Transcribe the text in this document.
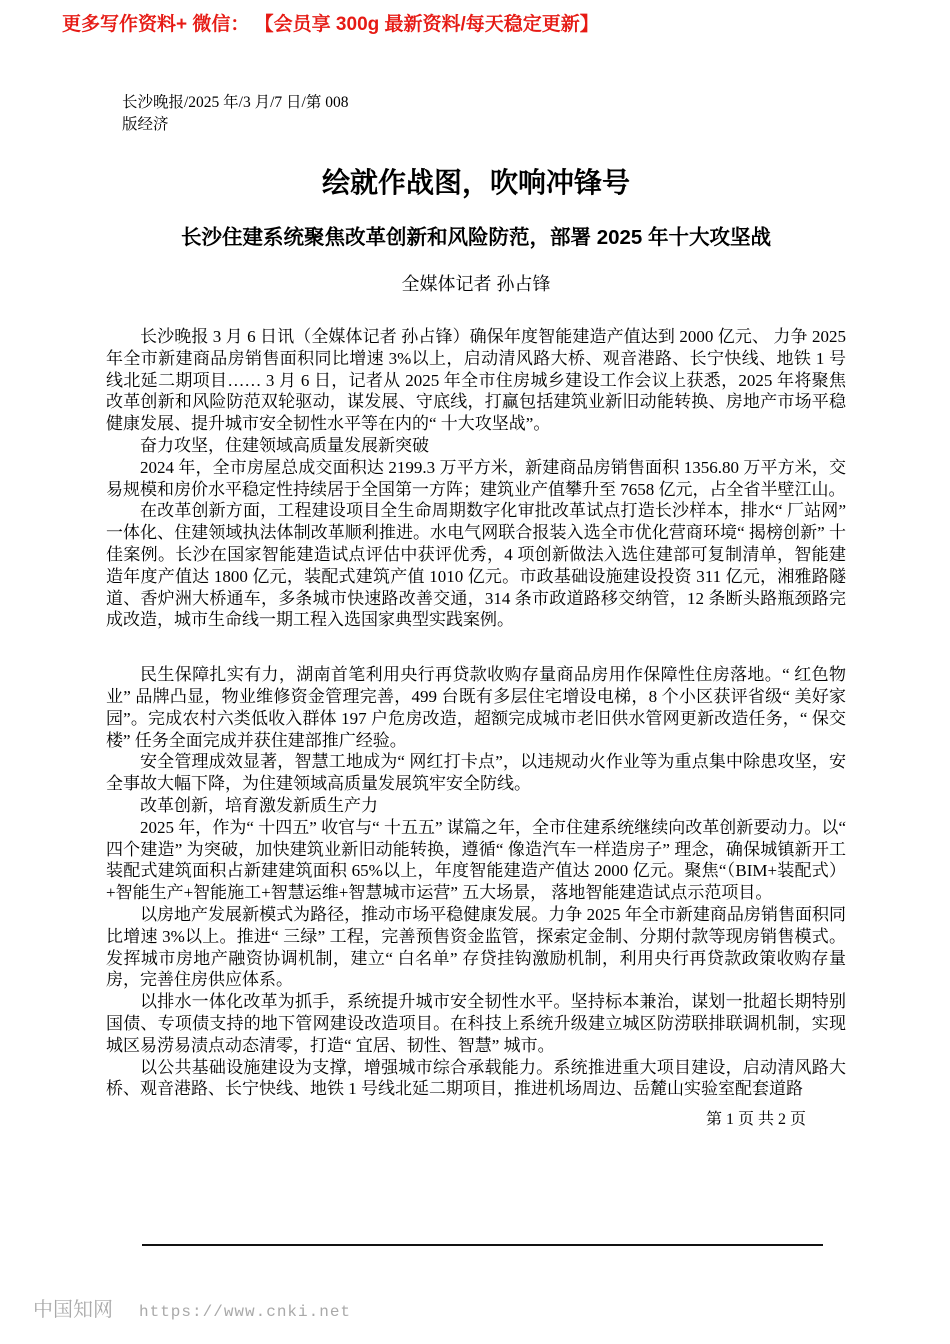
更多写作资料+ 微信： 【会员享 300g 最新资料/每天稳定更新】
长沙晚报/2025 年/3 月/7 日/第 008
版经济
绘就作战图，吹响冲锋号
长沙住建系统聚焦改革创新和风险防范，部署 2025 年十大攻坚战
全媒体记者 孙占锋

长沙晚报 3 月 6 日讯（全媒体记者 孙占锋）确保年度智能建造产值达到 2000 亿元、 力争 2025 年全市新建商品房销售面积同比增速 3%以上，启动清风路大桥、观音港路、长宁快线、地铁 1 号线北延二期项目…… 3 月 6 日，记者从 2025 年全市住房城乡建设工作会议上获悉，2025 年将聚焦改革创新和风险防范双轮驱动，谋发展、守底线，打赢包括建筑业新旧动能转换、房地产市场平稳健康发展、提升城市安全韧性水平等在内的“ 十大攻坚战”。

奋力攻坚，住建领域高质量发展新突破

2024 年，全市房屋总成交面积达 2199.3 万平方米，新建商品房销售面积 1356.80 万平方米，交易规模和房价水平稳定性持续居于全国第一方阵；建筑业产值攀升至 7658 亿元，占全省半壁江山。

在改革创新方面，工程建设项目全生命周期数字化审批改革试点打造长沙样本，排水“ 厂站网” 一体化、住建领域执法体制改革顺利推进。水电气网联合报装入选全市优化营商环境“ 揭榜创新” 十佳案例。长沙在国家智能建造试点评估中获评优秀，4 项创新做法入选住建部可复制清单，智能建造年度产值达 1800 亿元，装配式建筑产值 1010 亿元。市政基础设施建设投资 311 亿元，湘雅路隧道、香炉洲大桥通车，多条城市快速路改善交通，314 条市政道路移交纳管，12 条断头路瓶颈路完成改造，城市生命线一期工程入选国家典型实践案例。

民生保障扎实有力，湖南首笔利用央行再贷款收购存量商品房用作保障性住房落地。“ 红色物业” 品牌凸显，物业维修资金管理完善，499 台既有多层住宅增设电梯，8 个小区获评省级“ 美好家园”。完成农村六类低收入群体 197 户危房改造，超额完成城市老旧供水管网更新改造任务，“ 保交楼” 任务全面完成并获住建部推广经验。

安全管理成效显著，智慧工地成为“ 网红打卡点”，以违规动火作业等为重点集中除患攻坚，安全事故大幅下降，为住建领域高质量发展筑牢安全防线。

改革创新，培育激发新质生产力

2025 年，作为“ 十四五” 收官与“ 十五五” 谋篇之年，全市住建系统继续向改革创新要动力。以“ 四个建造” 为突破，加快建筑业新旧动能转换，遵循“ 像造汽车一样造房子” 理念，确保城镇新开工装配式建筑面积占新建建筑面积 65%以上，年度智能建造产值达 2000 亿元。聚焦“（BIM+装配式）+智能生产+智能施工+智慧运维+智慧城市运营” 五大场景， 落地智能建造试点示范项目。

以房地产发展新模式为路径，推动市场平稳健康发展。力争 2025 年全市新建商品房销售面积同比增速 3%以上。推进“ 三绿” 工程，完善预售资金监管，探索定金制、分期付款等现房销售模式。发挥城市房地产融资协调机制，建立“ 白名单” 存贷挂钩激励机制，利用央行再贷款政策收购存量房，完善住房供应体系。

以排水一体化改革为抓手，系统提升城市安全韧性水平。坚持标本兼治，谋划一批超长期特别国债、专项债支持的地下管网建设改造项目。在科技上系统升级建立城区防涝联排联调机制，实现城区易涝易渍点动态清零，打造“ 宜居、韧性、智慧” 城市。

以公共基础设施建设为支撑，增强城市综合承载能力。系统推进重大项目建设，启动清风路大桥、观音港路、长宁快线、地铁 1 号线北延二期项目，推进机场周边、岳麓山实验室配套道路

第 1 页 共 2 页
中国知网 https://www.cnki.net
